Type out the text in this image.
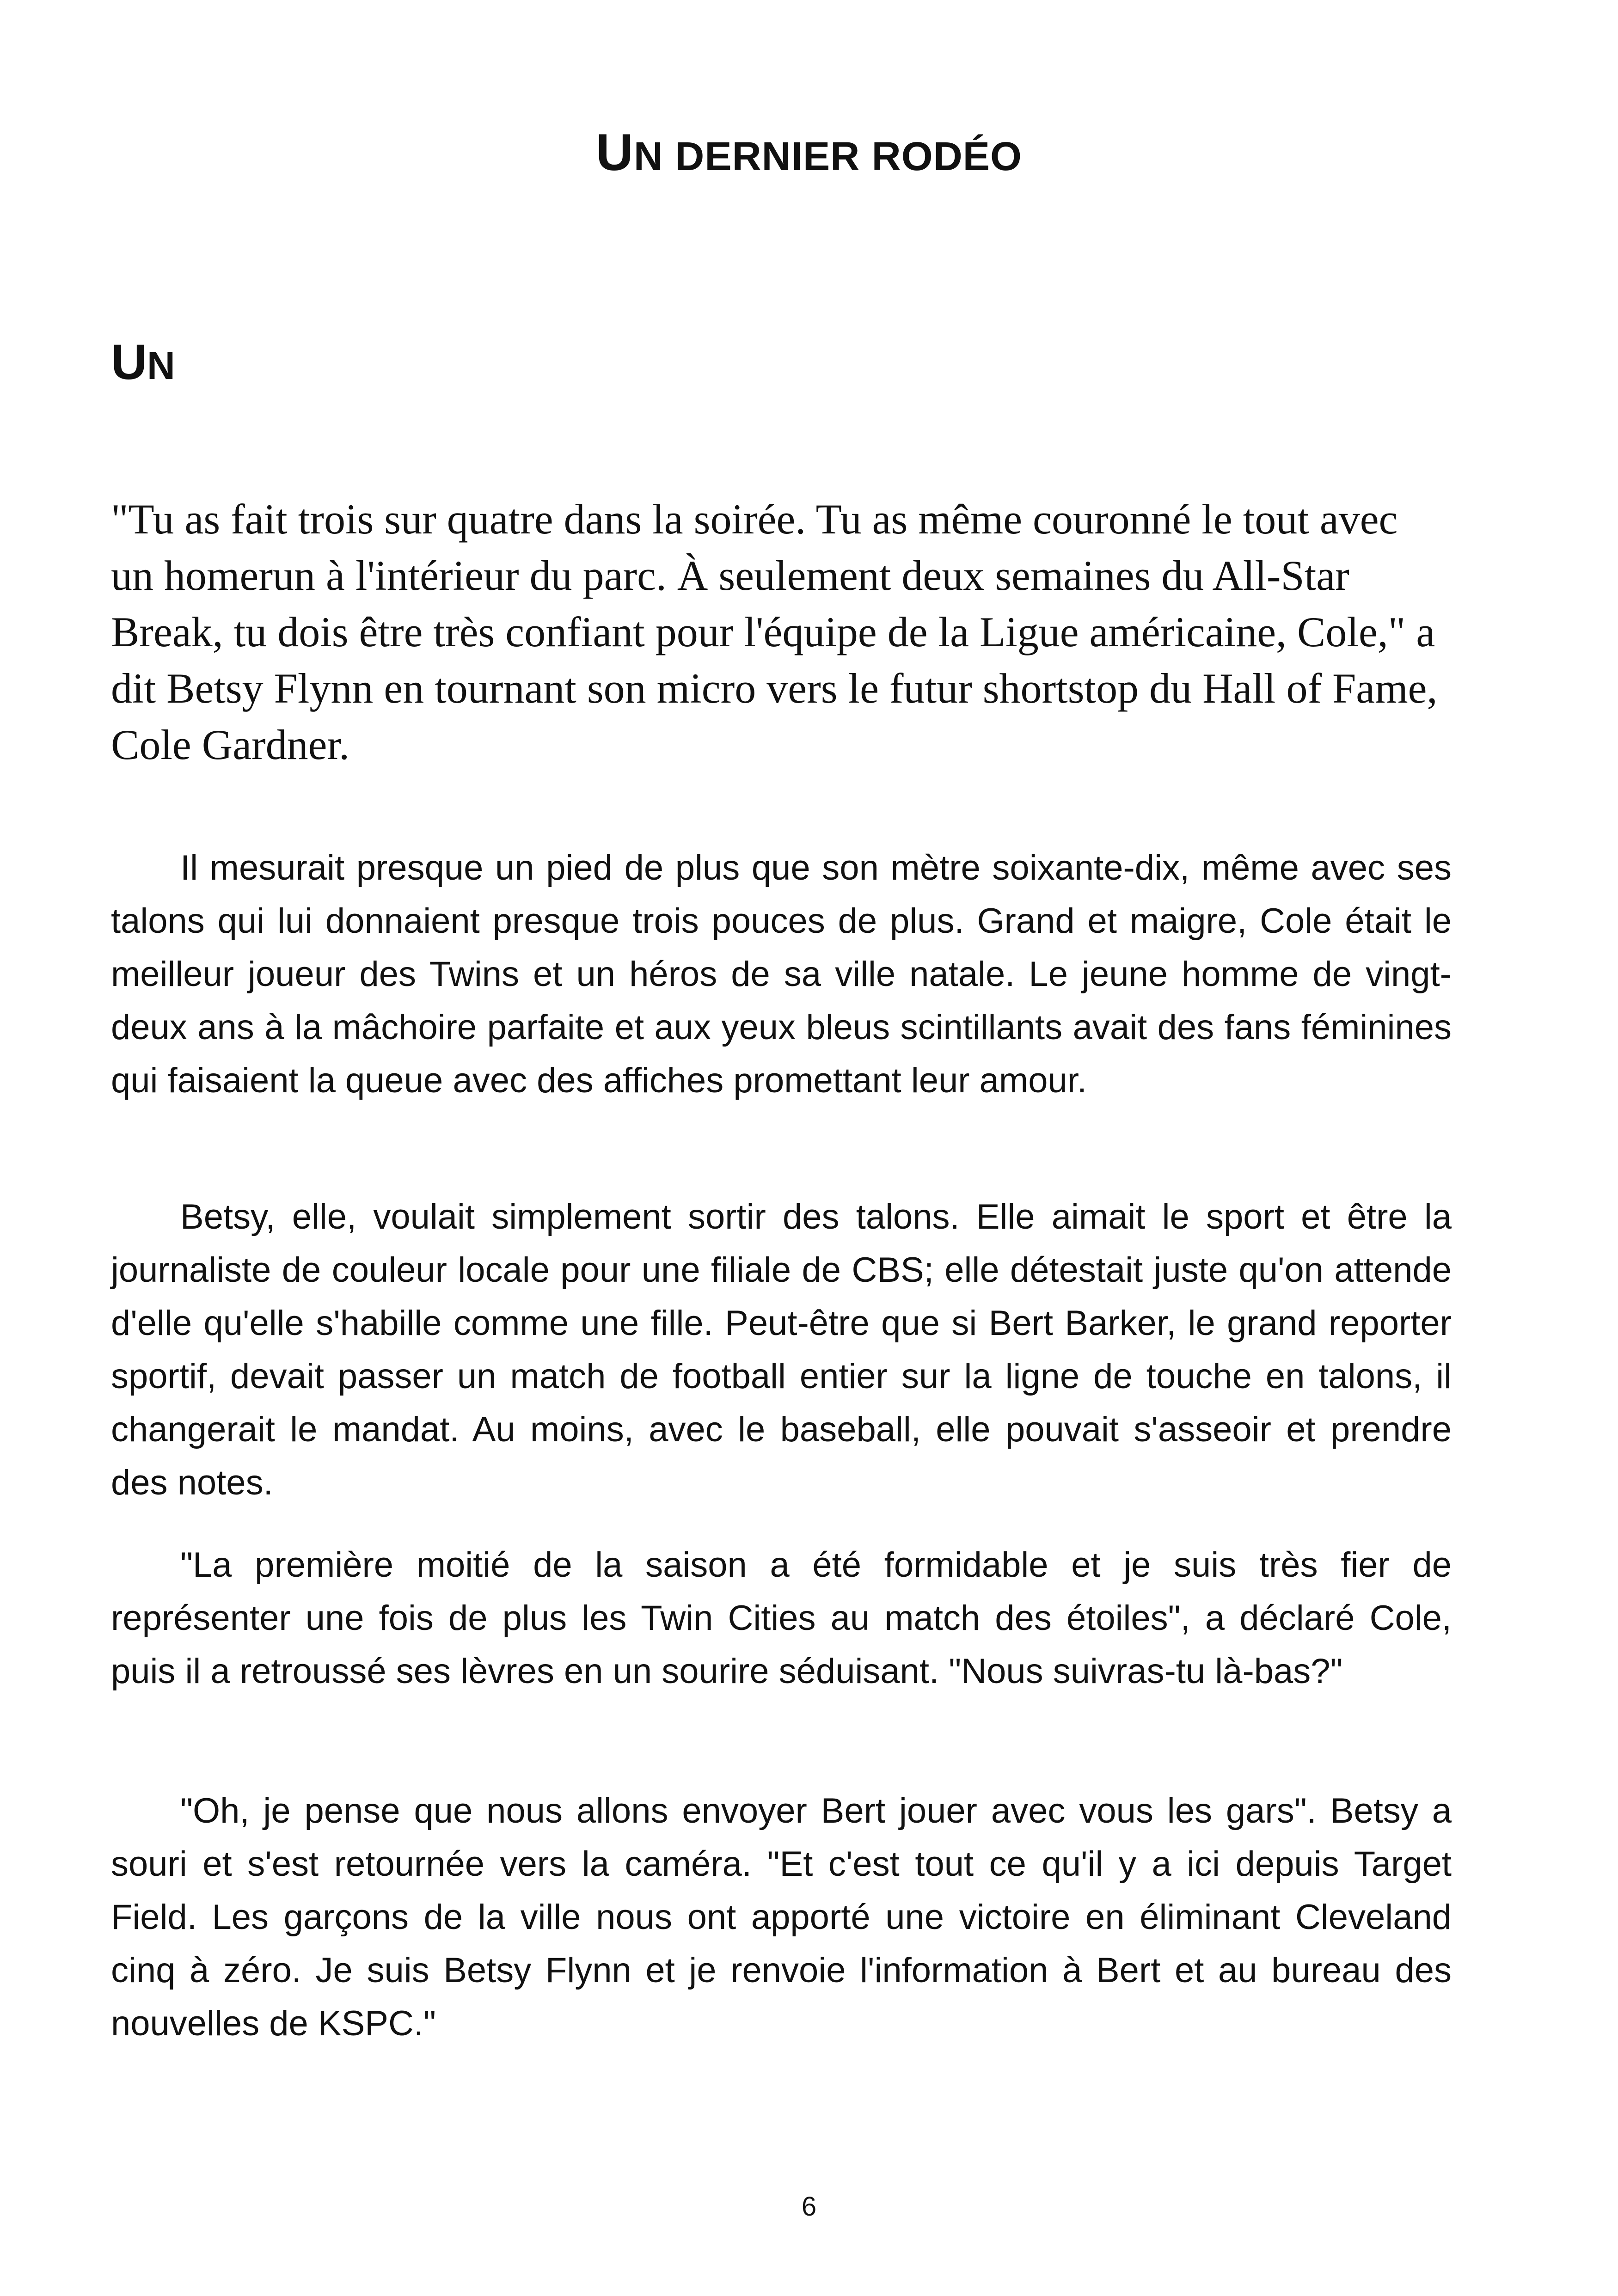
UN DERNIER RODÉO
UN

"Tu as fait trois sur quatre dans la soirée. Tu as même couronné le tout avec un homerun à l'intérieur du parc. À seulement deux semaines du All-Star Break, tu dois être très confiant pour l'équipe de la Ligue américaine, Cole," a dit Betsy Flynn en tournant son micro vers le futur shortstop du Hall of Fame, Cole Gardner.

Il mesurait presque un pied de plus que son mètre soixante-dix, même avec ses talons qui lui donnaient presque trois pouces de plus. Grand et maigre, Cole était le meilleur joueur des Twins et un héros de sa ville natale. Le jeune homme de vingt-deux ans à la mâchoire parfaite et aux yeux bleus scintillants avait des fans féminines qui faisaient la queue avec des affiches promettant leur amour.

Betsy, elle, voulait simplement sortir des talons. Elle aimait le sport et être la journaliste de couleur locale pour une filiale de CBS; elle détestait juste qu'on attende d'elle qu'elle s'habille comme une fille. Peut-être que si Bert Barker, le grand reporter sportif, devait passer un match de football entier sur la ligne de touche en talons, il changerait le mandat. Au moins, avec le baseball, elle pouvait s'asseoir et prendre des notes.

"La première moitié de la saison a été formidable et je suis très fier de représenter une fois de plus les Twin Cities au match des étoiles", a déclaré Cole, puis il a retroussé ses lèvres en un sourire séduisant. "Nous suivras-tu là-bas?"

"Oh, je pense que nous allons envoyer Bert jouer avec vous les gars". Betsy a souri et s'est retournée vers la caméra. "Et c'est tout ce qu'il y a ici depuis Target Field. Les garçons de la ville nous ont apporté une victoire en éliminant Cleveland cinq à zéro. Je suis Betsy Flynn et je renvoie l'information à Bert et au bureau des nouvelles de KSPC."

6
